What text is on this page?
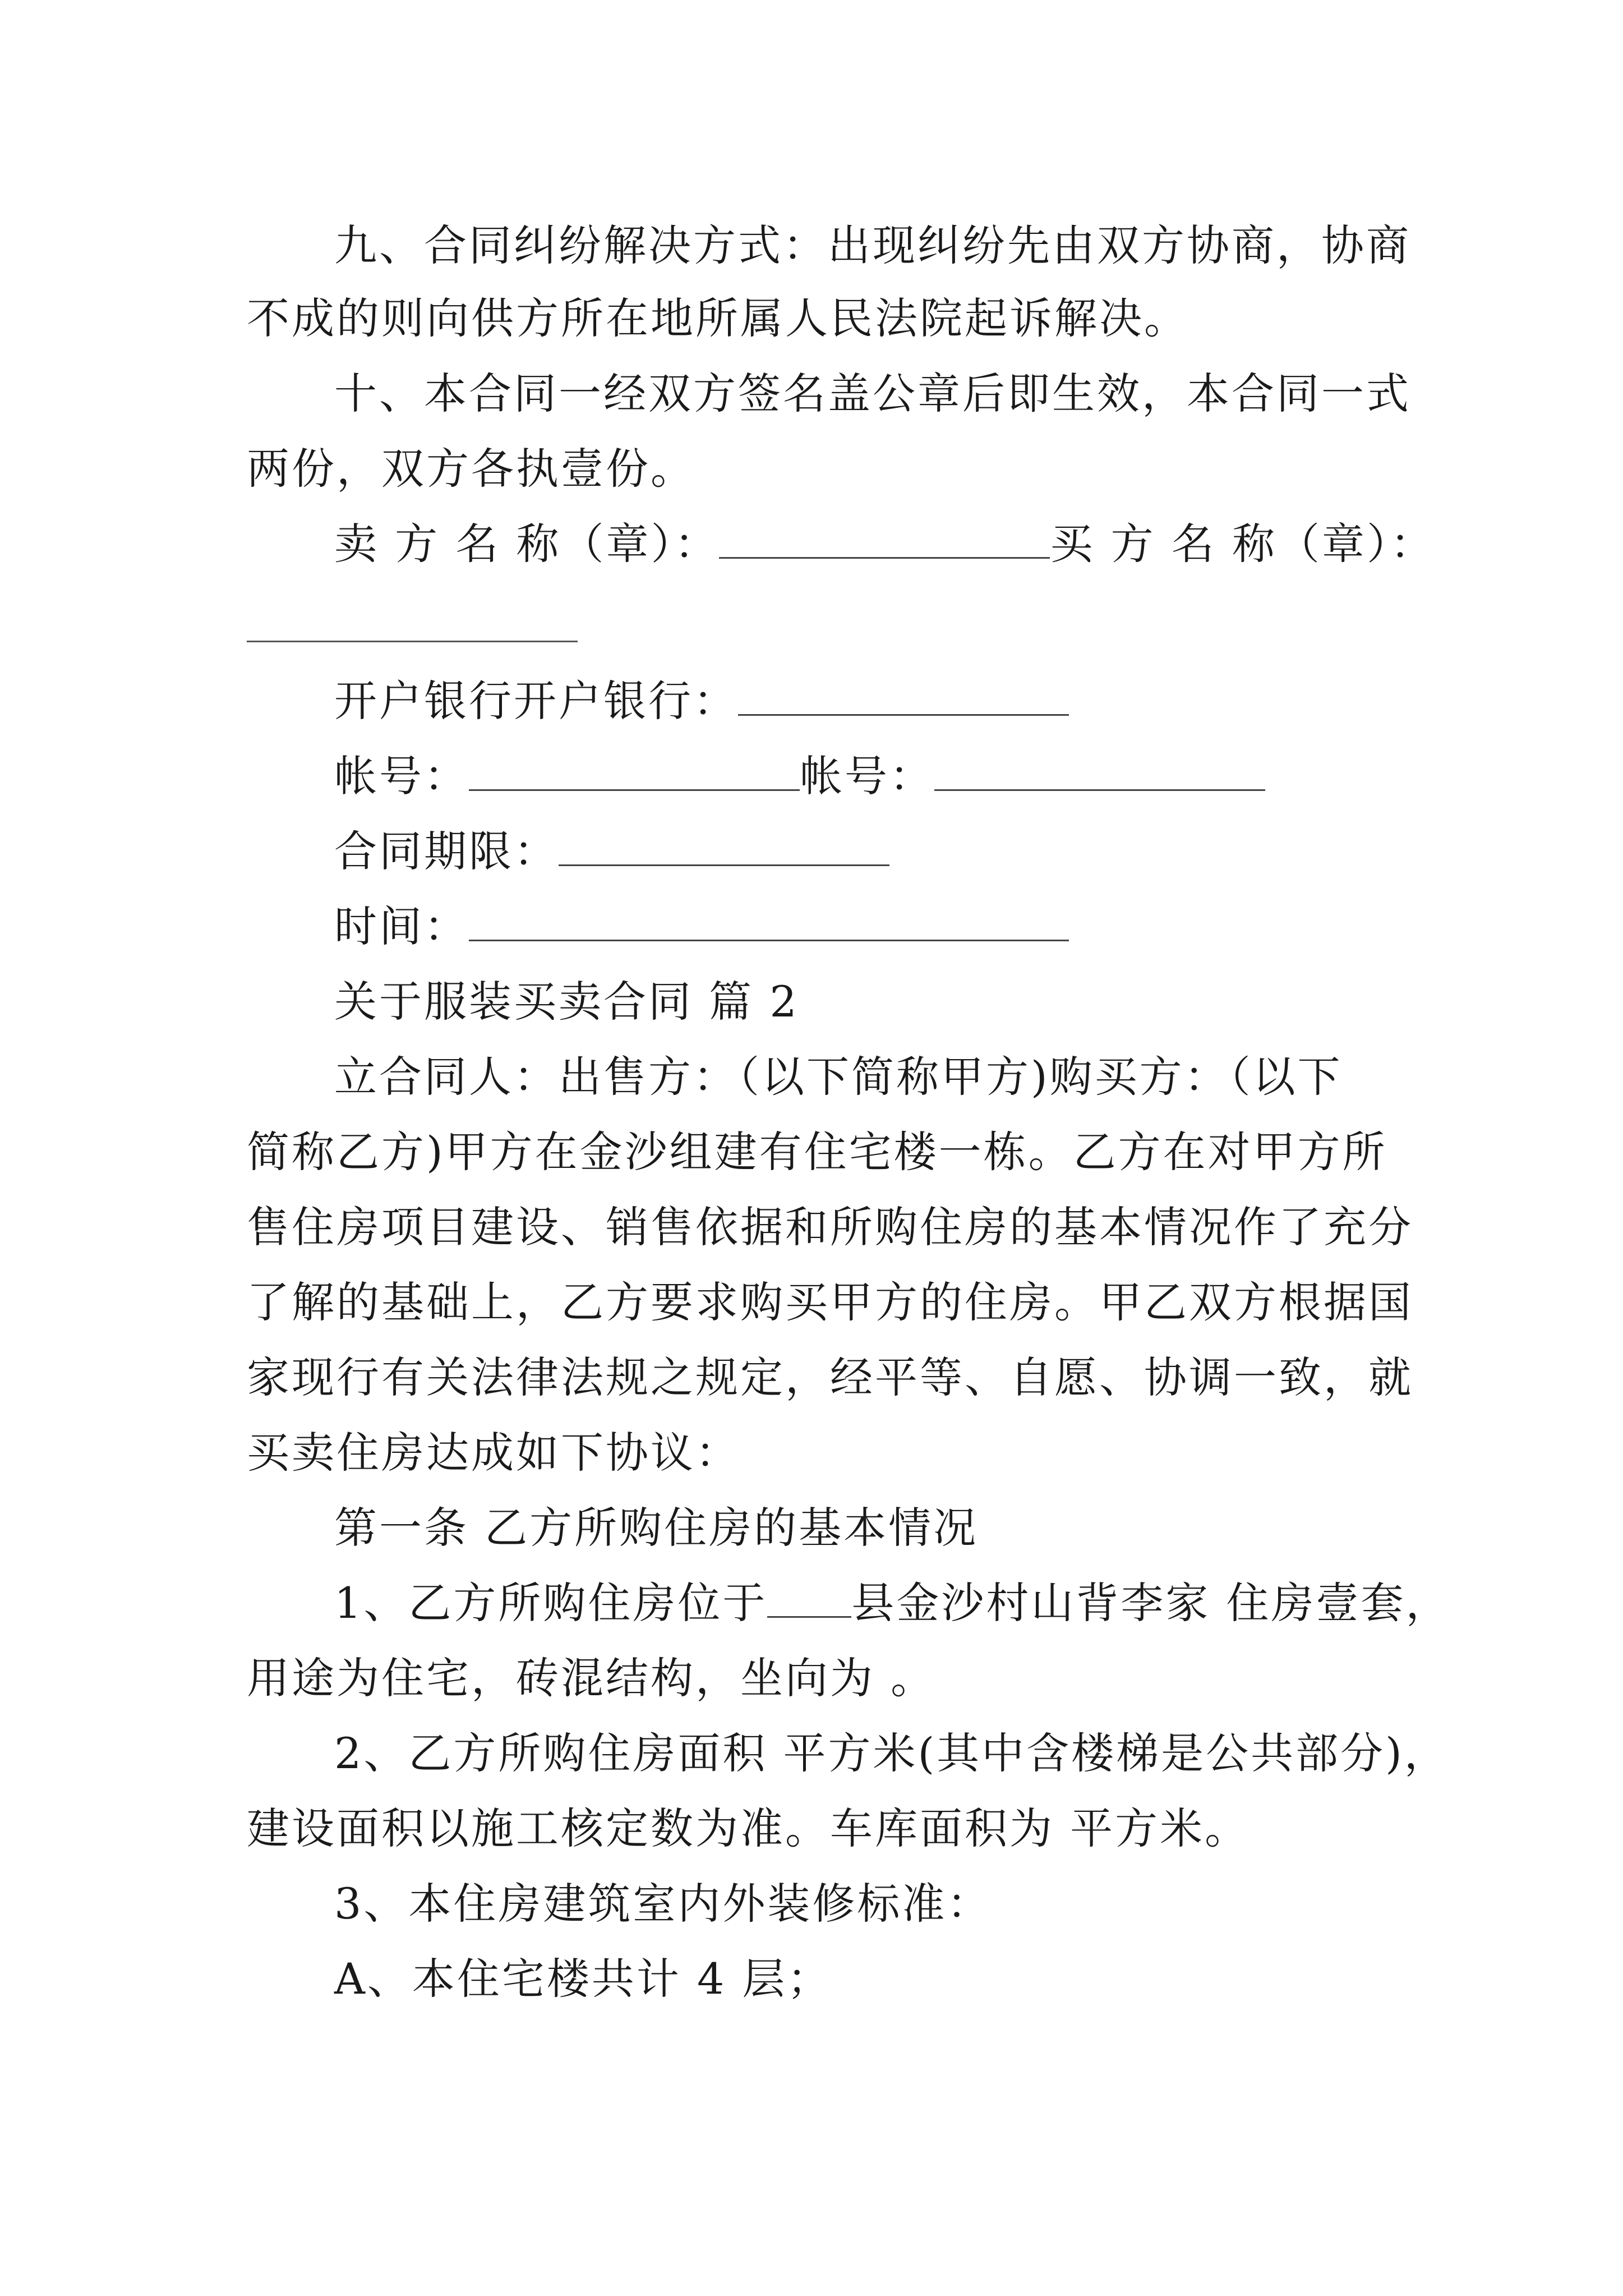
九、合同纠纷解决方式：出现纠纷先由双方协商，协商
不成的则向供方所在地所属人民法院起诉解决。
十、本合同一经双方签名盖公章后即生效，本合同一式
两份，双方各执壹份。
卖 方 名 称（章）：	买 方 名 称（章）：
开户银行开户银行：
帐号：	帐号：
合同期限：
时间：
关于服装买卖合同 篇 2
立合同人：出售方：（以下简称甲方)购买方：（以下
简称乙方)甲方在金沙组建有住宅楼一栋。乙方在对甲方所
售住房项目建设、销售依据和所购住房的基本情况作了充分
了解的基础上，乙方要求购买甲方的住房。甲乙双方根据国
家现行有关法律法规之规定，经平等、自愿、协调一致，就
买卖住房达成如下协议：
第一条 乙方所购住房的基本情况
1、乙方所购住房位于 县金沙村山背李家 住房壹套，
用途为住宅，砖混结构，坐向为 。
2、乙方所购住房面积 平方米(其中含楼梯是公共部分)，
建设面积以施工核定数为准。车库面积为 平方米。
3、本住房建筑室内外装修标准：
A、本住宅楼共计 4 层；
